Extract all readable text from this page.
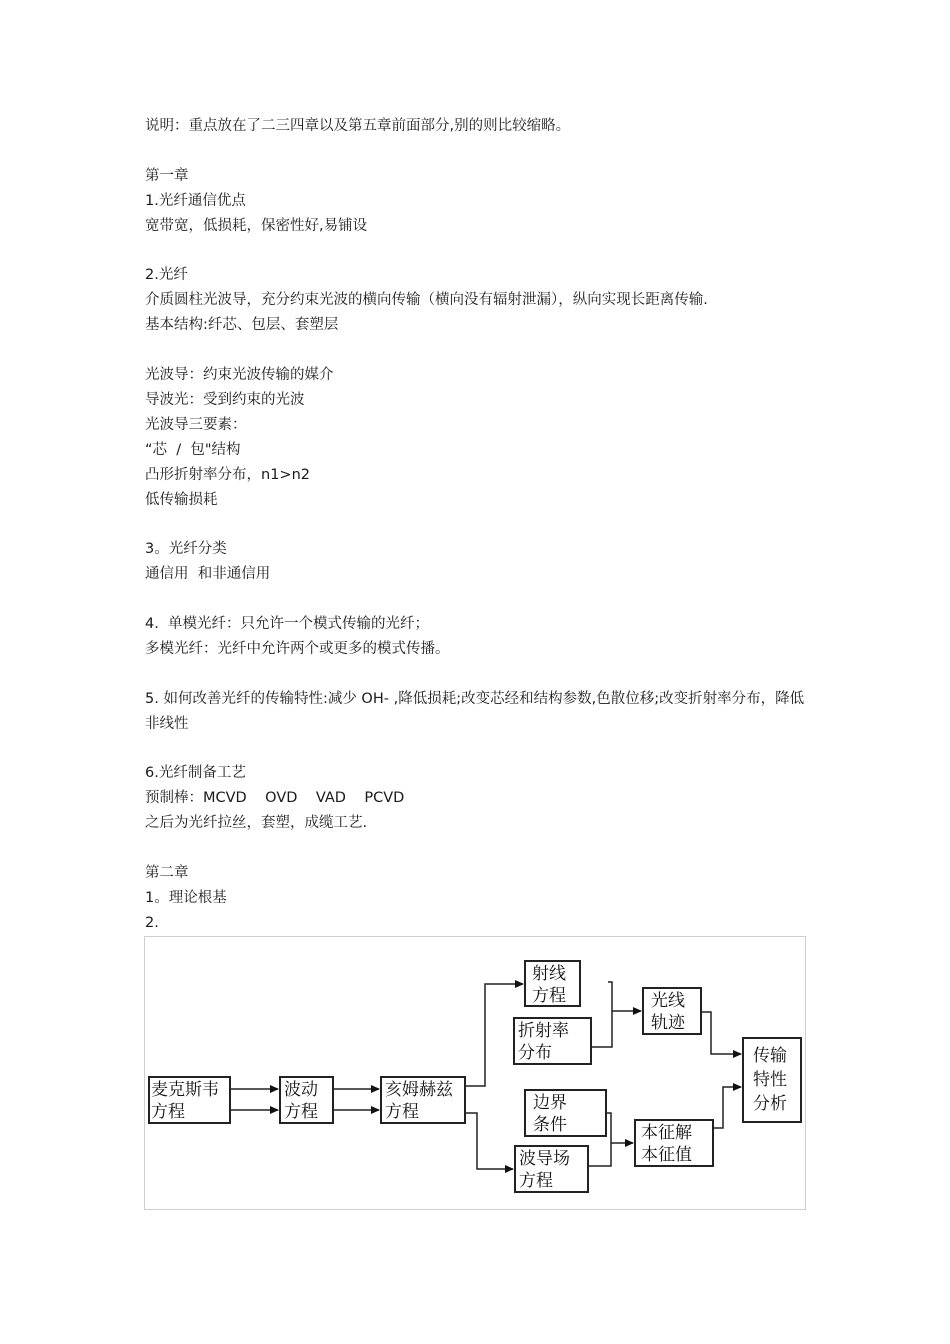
说明：重点放在了二三四章以及第五章前面部分,别的则比较缩略。
第一章
1.光纤通信优点
宽带宽，低损耗，保密性好,易铺设
2.光纤
介质圆柱光波导，充分约束光波的横向传输（横向没有辐射泄漏），纵向实现长距离传输.
基本结构:纤芯、包层、套塑层
光波导：约束光波传输的媒介
导波光：受到约束的光波
光波导三要素：
“芯  /  包"结构
凸形折射率分布，n1>n2
低传输损耗
3。光纤分类
通信用  和非通信用
4.  单模光纤：只允许一个模式传输的光纤；
多模光纤：光纤中允许两个或更多的模式传播。
5. 如何改善光纤的传输特性:减少 OH- ,降低损耗;改变芯经和结构参数,色散位移;改变折射率分布，降低非线性
6.光纤制备工艺
预制棒：MCVD    OVD    VAD    PCVD
之后为光纤拉丝，套塑，成缆工艺.
第二章
1。理论根基
2.
麦克斯韦
方程
波动
方程
亥姆赫兹
方程
射线
方程
折射率
分布
光线
轨迹
边界
条件
波导场
方程
本征解
本征值
传输
特性
分析
